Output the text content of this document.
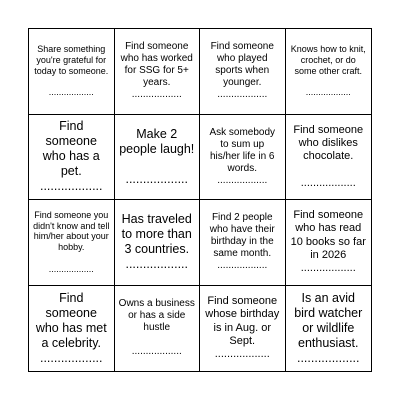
Share something you're grateful for today to someone.

..................
Find someone who has worked for SSG for 5+ years.
..................
Find someone who played sports when younger.
..................
Knows how to knit, crochet, or do some other craft.

..................
Find someone who has a pet.
..................
Make 2 people laugh!

..................
Ask somebody to sum up his/her life in 6 words.
..................
Find someone who dislikes chocolate.

..................
Find someone you didn't know and tell him/her about your hobby.

..................
Has traveled to more than 3 countries.
..................
Find 2 people who have their birthday in the same month.
..................
Find someone who has read 10 books so far in 2026
..................
Find someone who has met a celebrity.
..................
Owns a business or has a side hustle

..................
Find someone whose birthday is in Aug. or Sept.
..................
Is an avid bird watcher or wildlife enthusiast.
..................
